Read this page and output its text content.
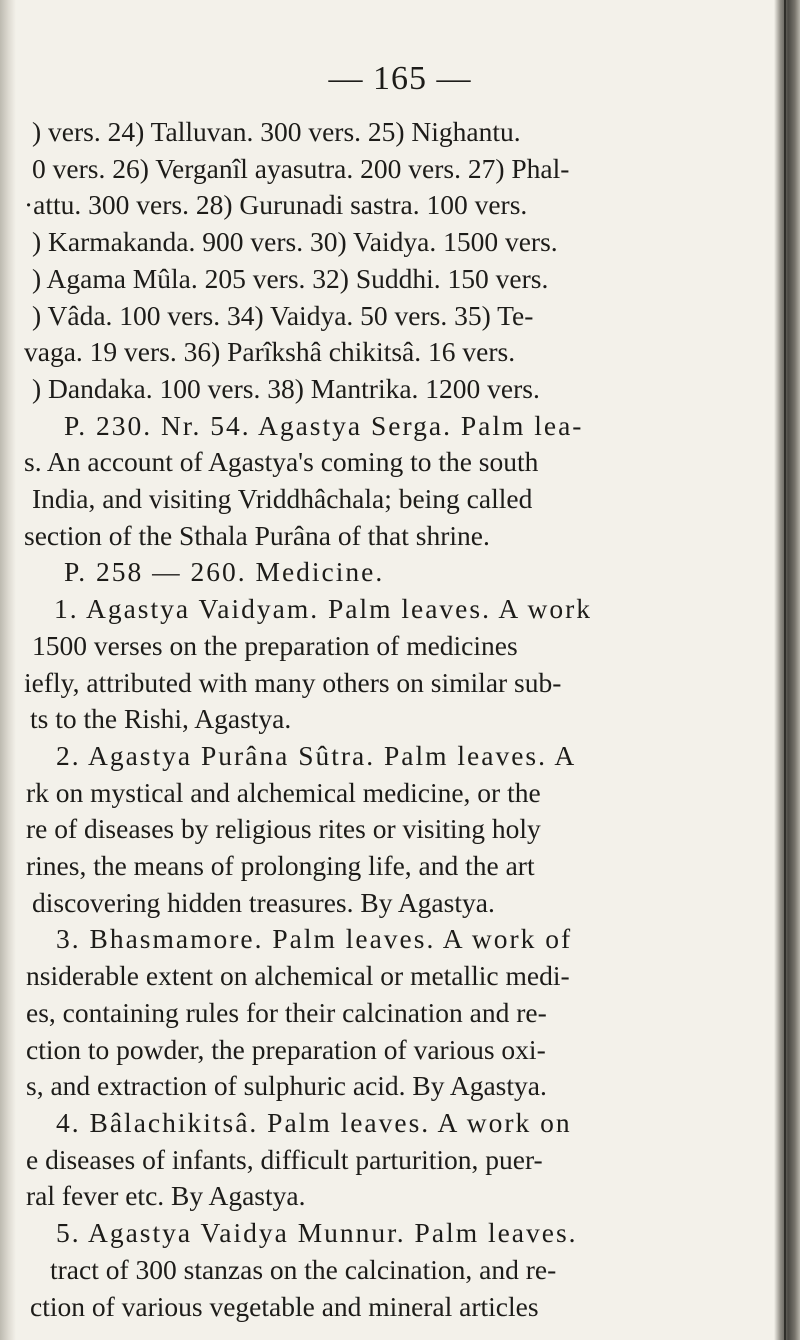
— 165 —
) vers. 24) Talluvan. 300 vers. 25) Nighantu.
0 vers. 26) Verganîl ayasutra. 200 vers. 27) Phal-
·attu. 300 vers. 28) Gurunadi sastra. 100 vers.
) Karmakanda. 900 vers. 30) Vaidya. 1500 vers.
) Agama Mûla. 205 vers. 32) Suddhi. 150 vers.
) Vâda. 100 vers. 34) Vaidya. 50 vers. 35) Te-
vaga. 19 vers. 36) Parîkshâ chikitsâ. 16 vers.
) Dandaka. 100 vers. 38) Mantrika. 1200 vers.
P. 230. Nr. 54. Agastya Serga. Palm lea-
s. An account of Agastya's coming to the south
India, and visiting Vriddhâchala; being called
section of the Sthala Purâna of that shrine.
P. 258 — 260. Medicine.
1. Agastya Vaidyam. Palm leaves. A work
1500 verses on the preparation of medicines
iefly, attributed with many others on similar sub-
ts to the Rishi, Agastya.
2. Agastya Purâna Sûtra. Palm leaves. A
rk on mystical and alchemical medicine, or the
re of diseases by religious rites or visiting holy
rines, the means of prolonging life, and the art
discovering hidden treasures. By Agastya.
3. Bhasmamore. Palm leaves. A work of
nsiderable extent on alchemical or metallic medi-
es, containing rules for their calcination and re-
ction to powder, the preparation of various oxi-
s, and extraction of sulphuric acid. By Agastya.
4. Bâlachikitsâ. Palm leaves. A work on
e diseases of infants, difficult parturition, puer-
ral fever etc. By Agastya.
5. Agastya Vaidya Munnur. Palm leaves.
tract of 300 stanzas on the calcination, and re-
ction of various vegetable and mineral articles
